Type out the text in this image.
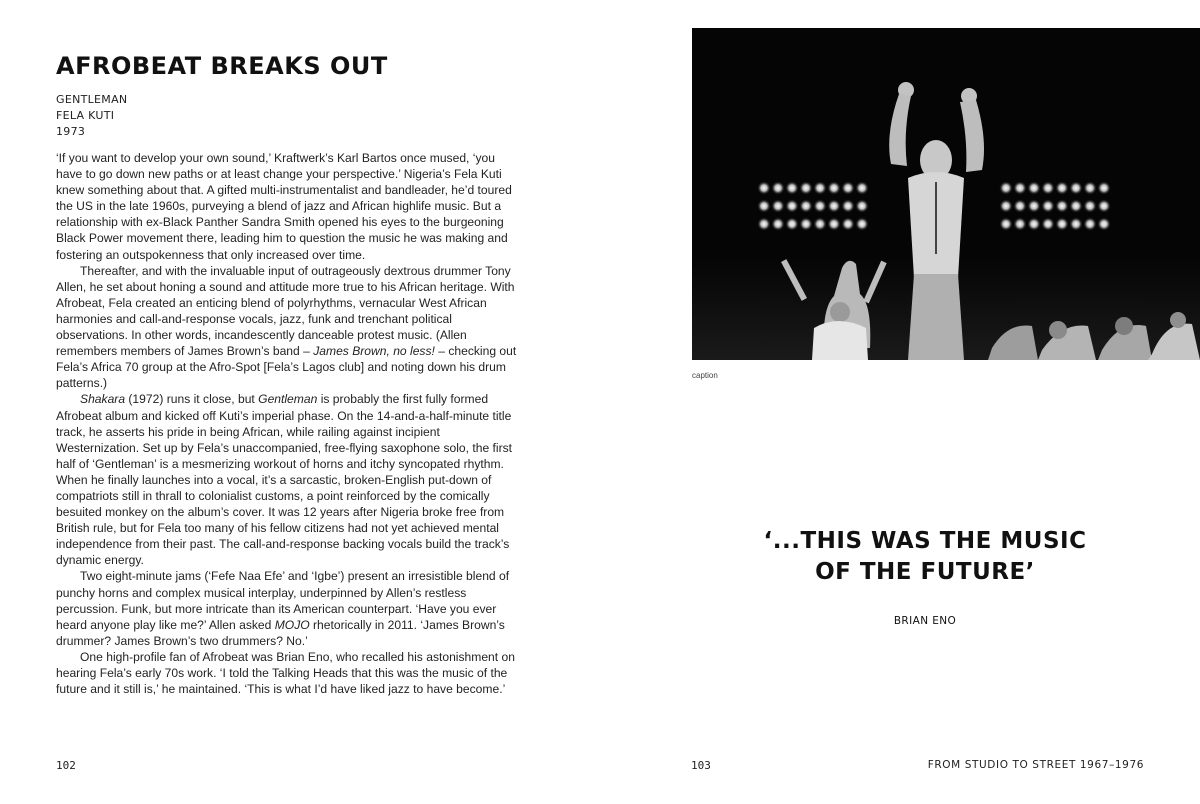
AFROBEAT BREAKS OUT
GENTLEMAN
FELA KUTI
1973

‘If you want to develop your own sound,’ Kraftwerk’s Karl Bartos once mused, ‘you have to go down new paths or at least change your perspective.’ Nigeria’s Fela Kuti knew something about that. A gifted multi-instrumentalist and bandleader, he’d toured the US in the late 1960s, purveying a blend of jazz and African highlife music. But a relationship with ex-Black Panther Sandra Smith opened his eyes to the burgeoning Black Power movement there, leading him to question the music he was making and fostering an outspokenness that only increased over time.

Thereafter, and with the invaluable input of outrageously dextrous drummer Tony Allen, he set about honing a sound and attitude more true to his African heritage. With Afrobeat, Fela created an enticing blend of polyrhythms, vernacular West African harmonies and call-and-response vocals, jazz, funk and trenchant political observations. In other words, incandescently danceable protest music. (Allen remembers members of James Brown’s band – James Brown, no less! – checking out Fela’s Africa 70 group at the Afro-Spot [Fela’s Lagos club] and noting down his drum patterns.)

Shakara (1972) runs it close, but Gentleman is probably the first fully formed Afrobeat album and kicked off Kuti’s imperial phase. On the 14-and-a-half-minute title track, he asserts his pride in being African, while railing against incipient Westernization. Set up by Fela’s unaccompanied, free-flying saxophone solo, the first half of ‘Gentleman’ is a mesmerizing workout of horns and itchy syncopated rhythm. When he finally launches into a vocal, it’s a sarcastic, broken-English put-down of compatriots still in thrall to colonialist customs, a point reinforced by the comically besuited monkey on the album’s cover. It was 12 years after Nigeria broke free from British rule, but for Fela too many of his fellow citizens had not yet achieved mental independence from their past. The call-and-response backing vocals build the track’s dynamic energy.

Two eight-minute jams (‘Fefe Naa Efe’ and ‘Igbe’) present an irresistible blend of punchy horns and complex musical interplay, underpinned by Allen’s restless percussion. Funk, but more intricate than its American counterpart. ‘Have you ever heard anyone play like me?’ Allen asked MOJO rhetorically in 2011. ‘James Brown’s drummer? James Brown’s two drummers? No.’

One high-profile fan of Afrobeat was Brian Eno, who recalled his astonishment on hearing Fela’s early 70s work. ‘I told the Talking Heads that this was the music of the future and it still is,’ he maintained. ‘This is what I’d have liked jazz to have become.’

102
caption
‘...THIS WAS THE MUSIC
OF THE FUTURE’
BRIAN ENO
103	FROM STUDIO TO STREET 1967–1976
